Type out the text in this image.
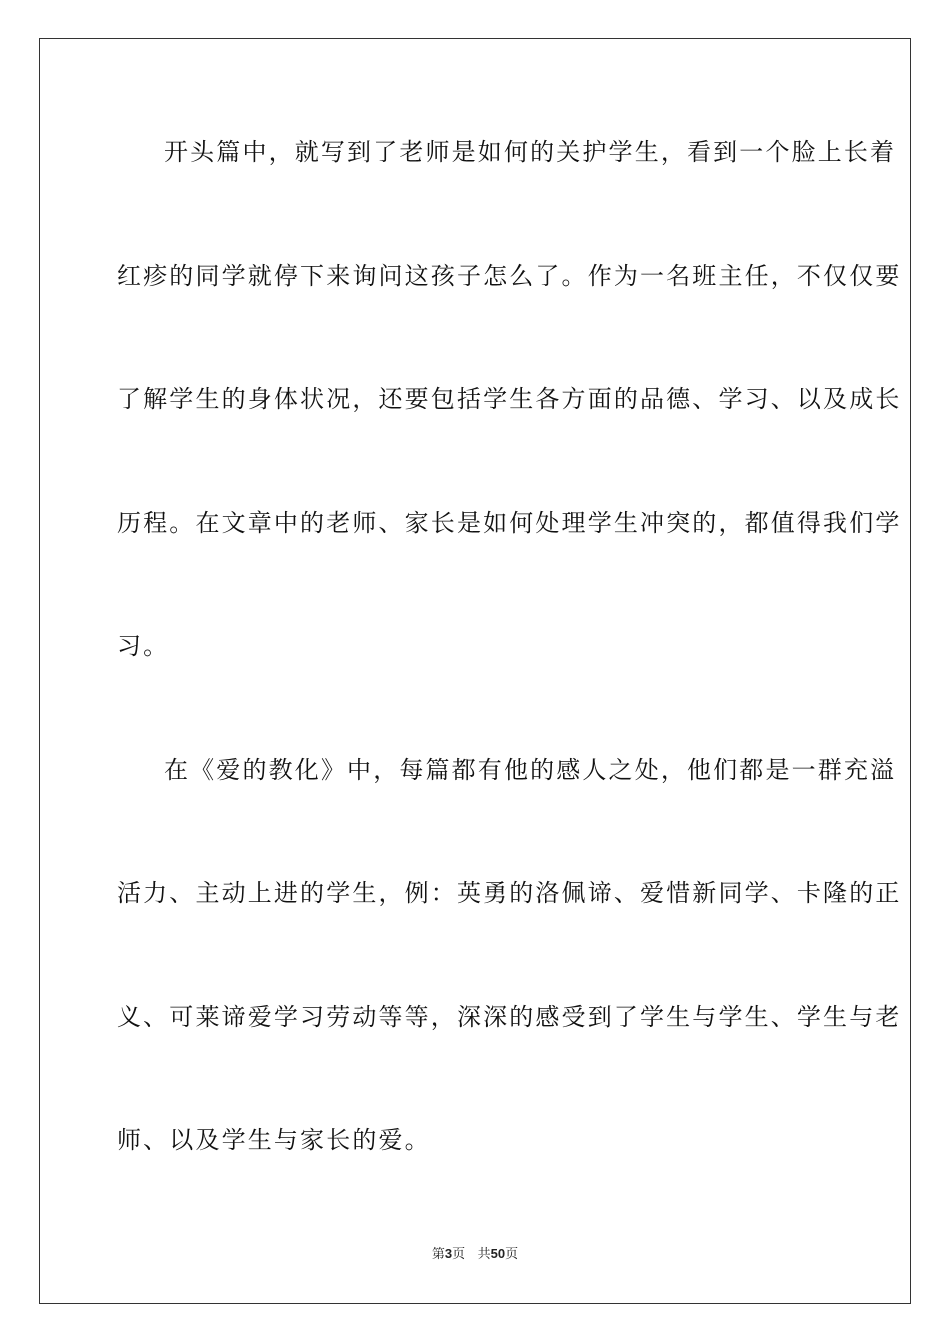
开头篇中，就写到了老师是如何的关护学生，看到一个脸上长着
红疹的同学就停下来询问这孩子怎么了。作为一名班主任，不仅仅要
了解学生的身体状况，还要包括学生各方面的品德、学习、以及成长
历程。在文章中的老师、家长是如何处理学生冲突的，都值得我们学
习。
在《爱的教化》中，每篇都有他的感人之处，他们都是一群充溢
活力、主动上进的学生，例：英勇的洛佩谛、爱惜新同学、卡隆的正
义、可莱谛爱学习劳动等等，深深的感受到了学生与学生、学生与老
师、以及学生与家长的爱。
第3页 共50页
